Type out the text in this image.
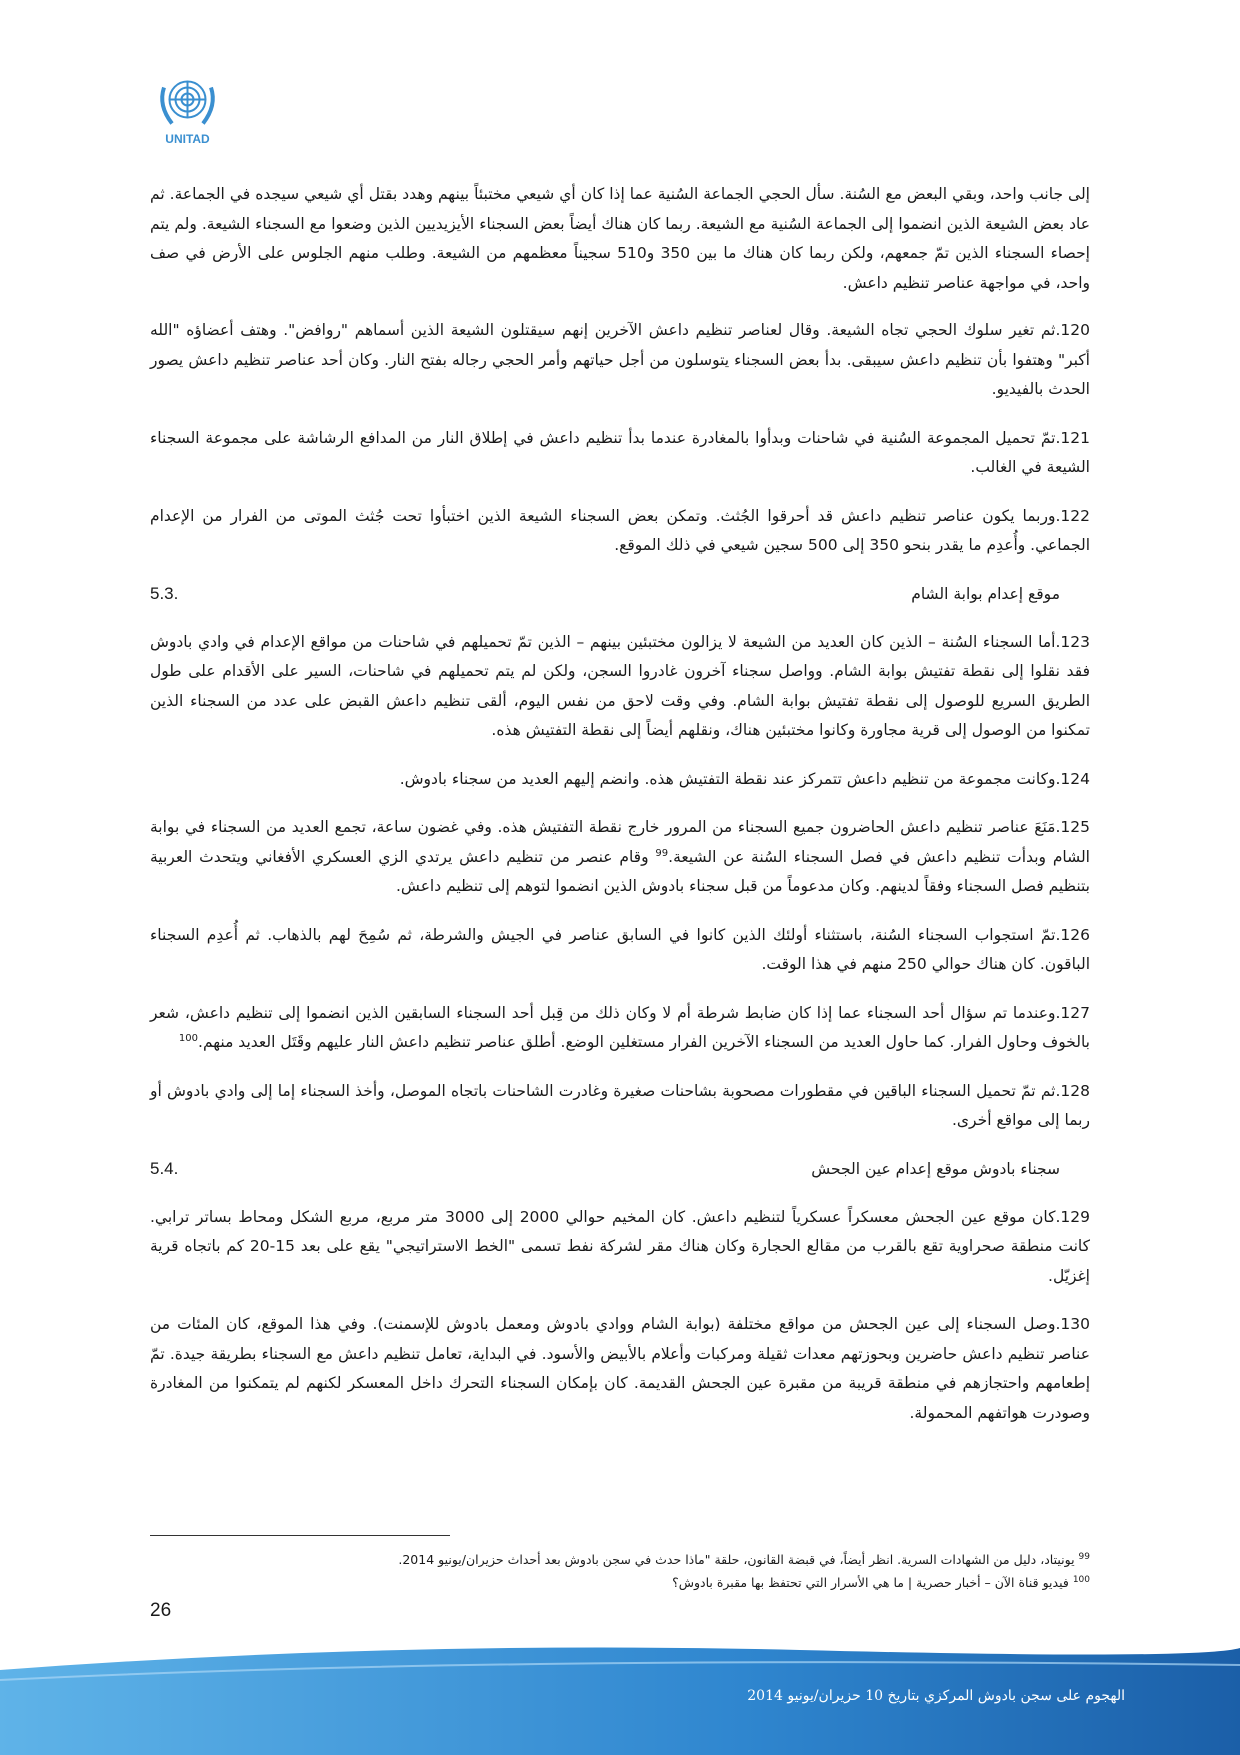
UNITAD

إلى جانب واحد، وبقي البعض مع السُنة. سأل الحجي الجماعة السُنية عما إذا كان أي شيعي مختبئاً بينهم وهدد بقتل أي شيعي سيجده في الجماعة. ثم عاد بعض الشيعة الذين انضموا إلى الجماعة السُنية مع الشيعة. ربما كان هناك أيضاً بعض السجناء الأيزيديين الذين وضعوا مع السجناء الشيعة. ولم يتم إحصاء السجناء الذين تمّ جمعهم، ولكن ربما كان هناك ما بين 350 و510 سجيناً معظمهم من الشيعة. وطلب منهم الجلوس على الأرض في صف واحد، في مواجهة عناصر تنظيم داعش.

120.ثم تغير سلوك الحجي تجاه الشيعة. وقال لعناصر تنظيم داعش الآخرين إنهم سيقتلون الشيعة الذين أسماهم "روافض". وهتف أعضاؤه "الله أكبر" وهتفوا بأن تنظيم داعش سيبقى. بدأ بعض السجناء يتوسلون من أجل حياتهم وأمر الحجي رجاله بفتح النار. وكان أحد عناصر تنظيم داعش يصور الحدث بالفيديو.

121.تمّ تحميل المجموعة السُنية في شاحنات وبدأوا بالمغادرة عندما بدأ تنظيم داعش في إطلاق النار من المدافع الرشاشة على مجموعة السجناء الشيعة في الغالب.

122.وربما يكون عناصر تنظيم داعش قد أحرقوا الجُثث. وتمكن بعض السجناء الشيعة الذين اختبأوا تحت جُثث الموتى من الفرار من الإعدام الجماعي. وأُعدِم ما يقدر بنحو 350 إلى 500 سجين شيعي في ذلك الموقع.

موقع إعدام بوابة الشام
5.3.

123.أما السجناء السُنة – الذين كان العديد من الشيعة لا يزالون مختبئين بينهم – الذين تمّ تحميلهم في شاحنات من مواقع الإعدام في وادي بادوش فقد نقلوا إلى نقطة تفتيش بوابة الشام. وواصل سجناء آخرون غادروا السجن، ولكن لم يتم تحميلهم في شاحنات، السير على الأقدام على طول الطريق السريع للوصول إلى نقطة تفتيش بوابة الشام. وفي وقت لاحق من نفس اليوم، ألقى تنظيم داعش القبض على عدد من السجناء الذين تمكنوا من الوصول إلى قرية مجاورة وكانوا مختبئين هناك، ونقلهم أيضاً إلى نقطة التفتيش هذه.

124.وكانت مجموعة من تنظيم داعش تتمركز عند نقطة التفتيش هذه. وانضم إليهم العديد من سجناء بادوش.

125.مَنَعَ عناصر تنظيم داعش الحاضرون جميع السجناء من المرور خارج نقطة التفتيش هذه. وفي غضون ساعة، تجمع العديد من السجناء في بوابة الشام وبدأت تنظيم داعش في فصل السجناء السُنة عن الشيعة.$^{99}$ وقام عنصر من تنظيم داعش يرتدي الزي العسكري الأفغاني ويتحدث العربية بتنظيم فصل السجناء وفقاً لدينهم. وكان مدعوماً من قبل سجناء بادوش الذين انضموا لتوهم إلى تنظيم داعش.

126.تمّ استجواب السجناء السُنة، باستثناء أولئك الذين كانوا في السابق عناصر في الجيش والشرطة، ثم سُمِحَ لهم بالذهاب. ثم أُعدِم السجناء الباقون. كان هناك حوالي 250 منهم في هذا الوقت.

127.وعندما تم سؤال أحد السجناء عما إذا كان ضابط شرطة أم لا وكان ذلك من قِبل أحد السجناء السابقين الذين انضموا إلى تنظيم داعش، شعر بالخوف وحاول الفرار. كما حاول العديد من السجناء الآخرين الفرار مستغلين الوضع. أطلق عناصر تنظيم داعش النار عليهم وقَتَل العديد منهم.$^{100}$

128.ثم تمّ تحميل السجناء الباقين في مقطورات مصحوبة بشاحنات صغيرة وغادرت الشاحنات باتجاه الموصل، وأخذ السجناء إما إلى وادي بادوش أو ربما إلى مواقع أخرى.

سجناء بادوش موقع إعدام عين الجحش
5.4.

129.كان موقع عين الجحش معسكراً عسكرياً لتنظيم داعش. كان المخيم حوالي 2000 إلى 3000 متر مربع، مربع الشكل ومحاط بساتر ترابي. كانت منطقة صحراوية تقع بالقرب من مقالع الحجارة وكان هناك مقر لشركة نفط تسمى "الخط الاستراتيجي" يقع على بعد 15-20 كم باتجاه قرية إغزيّل.

130.وصل السجناء إلى عين الجحش من مواقع مختلفة (بوابة الشام ووادي بادوش ومعمل بادوش للإسمنت). وفي هذا الموقع، كان المئات من عناصر تنظيم داعش حاضرين وبحوزتهم معدات ثقيلة ومركبات وأعلام بالأبيض والأسود. في البداية، تعامل تنظيم داعش مع السجناء بطريقة جيدة. تمّ إطعامهم واحتجازهم في منطقة قريبة من مقبرة عين الجحش القديمة. كان بإمكان السجناء التحرك داخل المعسكر لكنهم لم يتمكنوا من المغادرة وصودرت هواتفهم المحمولة.

$^{99}$ يونيتاد، دليل من الشهادات السرية. انظر أيضاً، في قبضة القانون، حلقة "ماذا حدث في سجن بادوش بعد أحداث حزيران/يونيو 2014.
$^{100}$ فيديو قناة الآن – أخبار حصرية | ما هي الأسرار التي تحتفظ بها مقبرة بادوش؟
26
الهجوم على سجن بادوش المركزي بتاريخ 10 حزيران/يونيو 2014
